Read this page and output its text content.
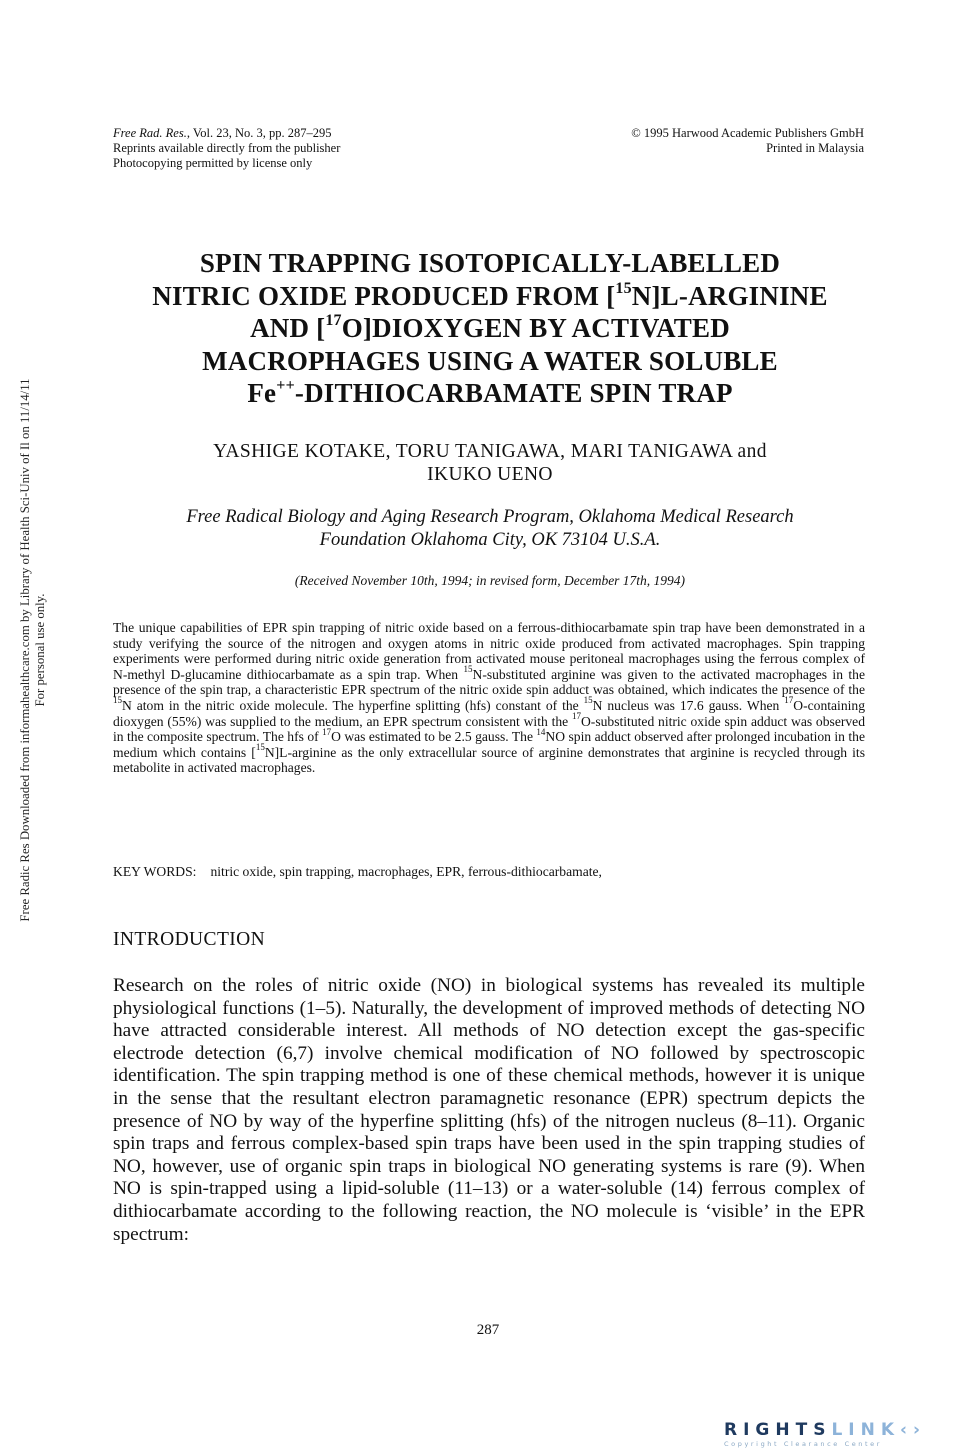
Free Rad. Res., Vol. 23, No. 3, pp. 287–295
Reprints available directly from the publisher
Photocopying permitted by license only
© 1995 Harwood Academic Publishers GmbH
Printed in Malaysia
SPIN TRAPPING ISOTOPICALLY-LABELLED
NITRIC OXIDE PRODUCED FROM [$^{15}$N]L-ARGININE
AND [$^{17}$O]DIOXYGEN BY ACTIVATED
MACROPHAGES USING A WATER SOLUBLE
Fe++-DITHIOCARBAMATE SPIN TRAP
YASHIGE KOTAKE, TORU TANIGAWA, MARI TANIGAWA and
IKUKO UENO
Free Radical Biology and Aging Research Program, Oklahoma Medical Research
Foundation Oklahoma City, OK 73104 U.S.A.
(Received November 10th, 1994; in revised form, December 17th, 1994)
The unique capabilities of EPR spin trapping of nitric oxide based on a ferrous-dithiocarbamate spin trap have been demonstrated in a study verifying the source of the nitrogen and oxygen atoms in nitric oxide produced from activated macrophages. Spin trapping experiments were performed during nitric oxide generation from activated mouse peritoneal macrophages using the ferrous complex of N-methyl D-glucamine dithiocarbamate as a spin trap. When $^{15}$N-substituted arginine was given to the activated macrophages in the presence of the spin trap, a characteristic EPR spectrum of the nitric oxide spin adduct was obtained, which indicates the presence of the $^{15}$N atom in the nitric oxide molecule. The hyperfine splitting (hfs) constant of the $^{15}$N nucleus was 17.6 gauss. When $^{17}$O-containing dioxygen (55%) was supplied to the medium, an EPR spectrum consistent with the $^{17}$O-substituted nitric oxide spin adduct was observed in the composite spectrum. The hfs of $^{17}$O was estimated to be 2.5 gauss. The $^{14}$NO spin adduct observed after prolonged incubation in the medium which contains [$^{15}$N]L-arginine as the only extracellular source of arginine demonstrates that arginine is recycled through its metabolite in activated macrophages.
KEY WORDS: nitric oxide, spin trapping, macrophages, EPR, ferrous-dithiocarbamate,
INTRODUCTION
Research on the roles of nitric oxide (NO) in biological systems has revealed its multiple physiological functions (1–5). Naturally, the development of improved methods of detecting NO have attracted considerable interest. All methods of NO detection except the gas-specific electrode detection (6,7) involve chemical modification of NO followed by spectroscopic identification. The spin trapping method is one of these chemical methods, however it is unique in the sense that the resultant electron paramagnetic resonance (EPR) spectrum depicts the presence of NO by way of the hyperfine splitting (hfs) of the nitrogen nucleus (8–11). Organic spin traps and ferrous complex-based spin traps have been used in the spin trapping studies of NO, however, use of organic spin traps in biological NO generating systems is rare (9). When NO is spin-trapped using a lipid-soluble (11–13) or a water-soluble (14) ferrous complex of dithiocarbamate according to the following reaction, the NO molecule is ‘visible’ in the EPR spectrum:
287
Free Radic Res Downloaded from informahealthcare.com by Library of Health Sci-Univ of Il on 11/14/11 For personal use only.
RIGHTSLINK‹›
Copyright Clearance Center
